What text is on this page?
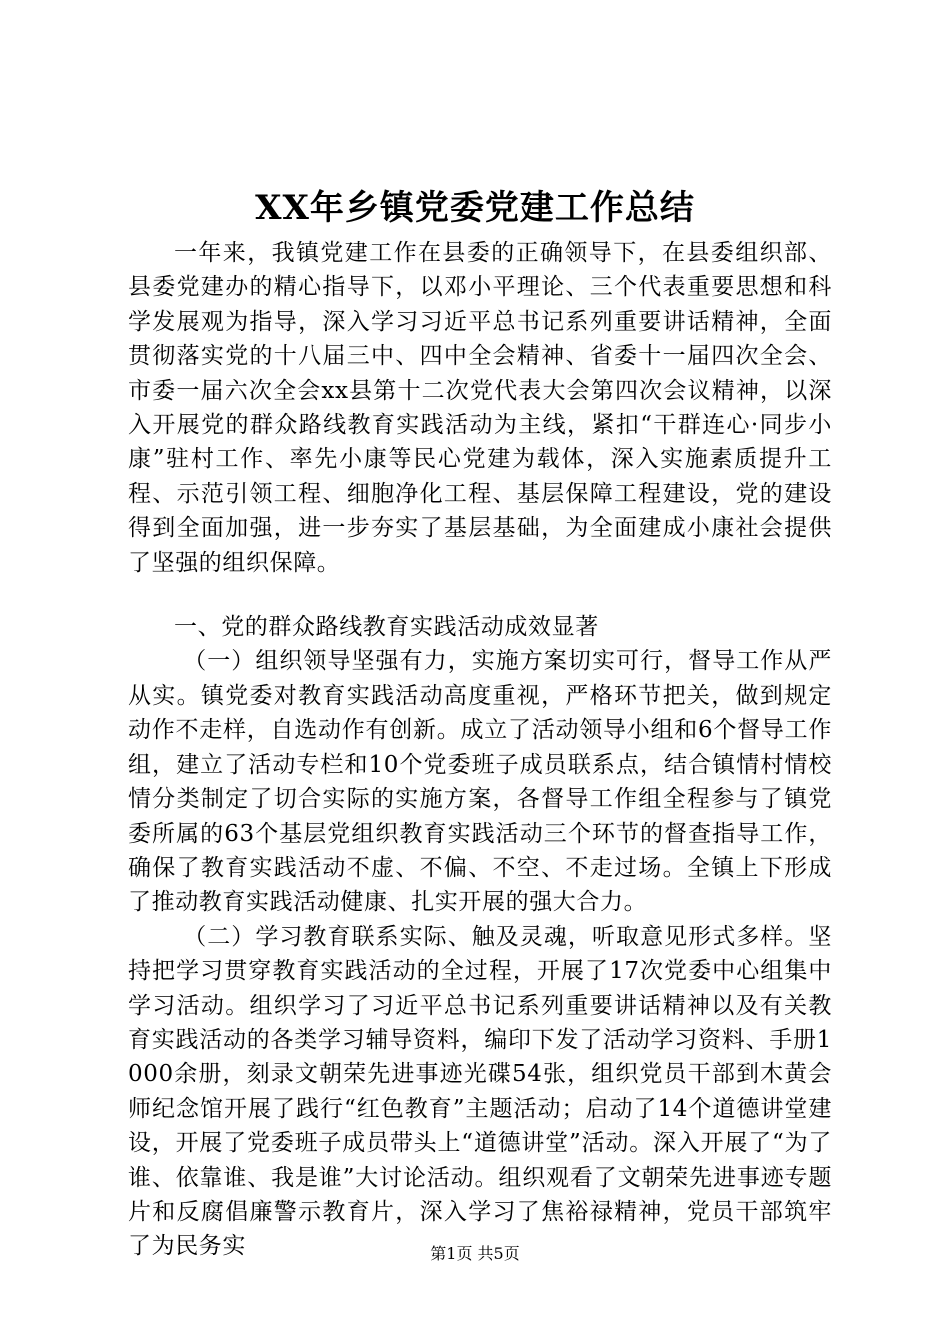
XX年乡镇党委党建工作总结

一年来，我镇党建工作在县委的正确领导下，在县委组织部、县委党建办的精心指导下，以邓小平理论、三个代表重要思想和科学发展观为指导，深入学习习近平总书记系列重要讲话精神，全面贯彻落实党的十八届三中、四中全会精神、省委十一届四次全会、市委一届六次全会xx县第十二次党代表大会第四次会议精神，以深入开展党的群众路线教育实践活动为主线，紧扣“干群连心·同步小康”驻村工作、率先小康等民心党建为载体，深入实施素质提升工程、示范引领工程、细胞净化工程、基层保障工程建设，党的建设得到全面加强，进一步夯实了基层基础，为全面建成小康社会提供了坚强的组织保障。

一、党的群众路线教育实践活动成效显著

（一）组织领导坚强有力，实施方案切实可行，督导工作从严从实。镇党委对教育实践活动高度重视，严格环节把关，做到规定动作不走样，自选动作有创新。成立了活动领导小组和6个督导工作组，建立了活动专栏和10个党委班子成员联系点，结合镇情村情校情分类制定了切合实际的实施方案，各督导工作组全程参与了镇党委所属的63个基层党组织教育实践活动三个环节的督查指导工作，确保了教育实践活动不虚、不偏、不空、不走过场。全镇上下形成了推动教育实践活动健康、扎实开展的强大合力。

（二）学习教育联系实际、触及灵魂，听取意见形式多样。坚持把学习贯穿教育实践活动的全过程，开展了17次党委中心组集中学习活动。组织学习了习近平总书记系列重要讲话精神以及有关教育实践活动的各类学习辅导资料，编印下发了活动学习资料、手册1000余册，刻录文朝荣先进事迹光碟54张，组织党员干部到木黄会师纪念馆开展了践行“红色教育”主题活动；启动了14个道德讲堂建设，开展了党委班子成员带头上“道德讲堂”活动。深入开展了“为了谁、依靠谁、我是谁”大讨论活动。组织观看了文朝荣先进事迹专题片和反腐倡廉警示教育片，深入学习了焦裕禄精神，党员干部筑牢了为民务实	第1页 共5页
